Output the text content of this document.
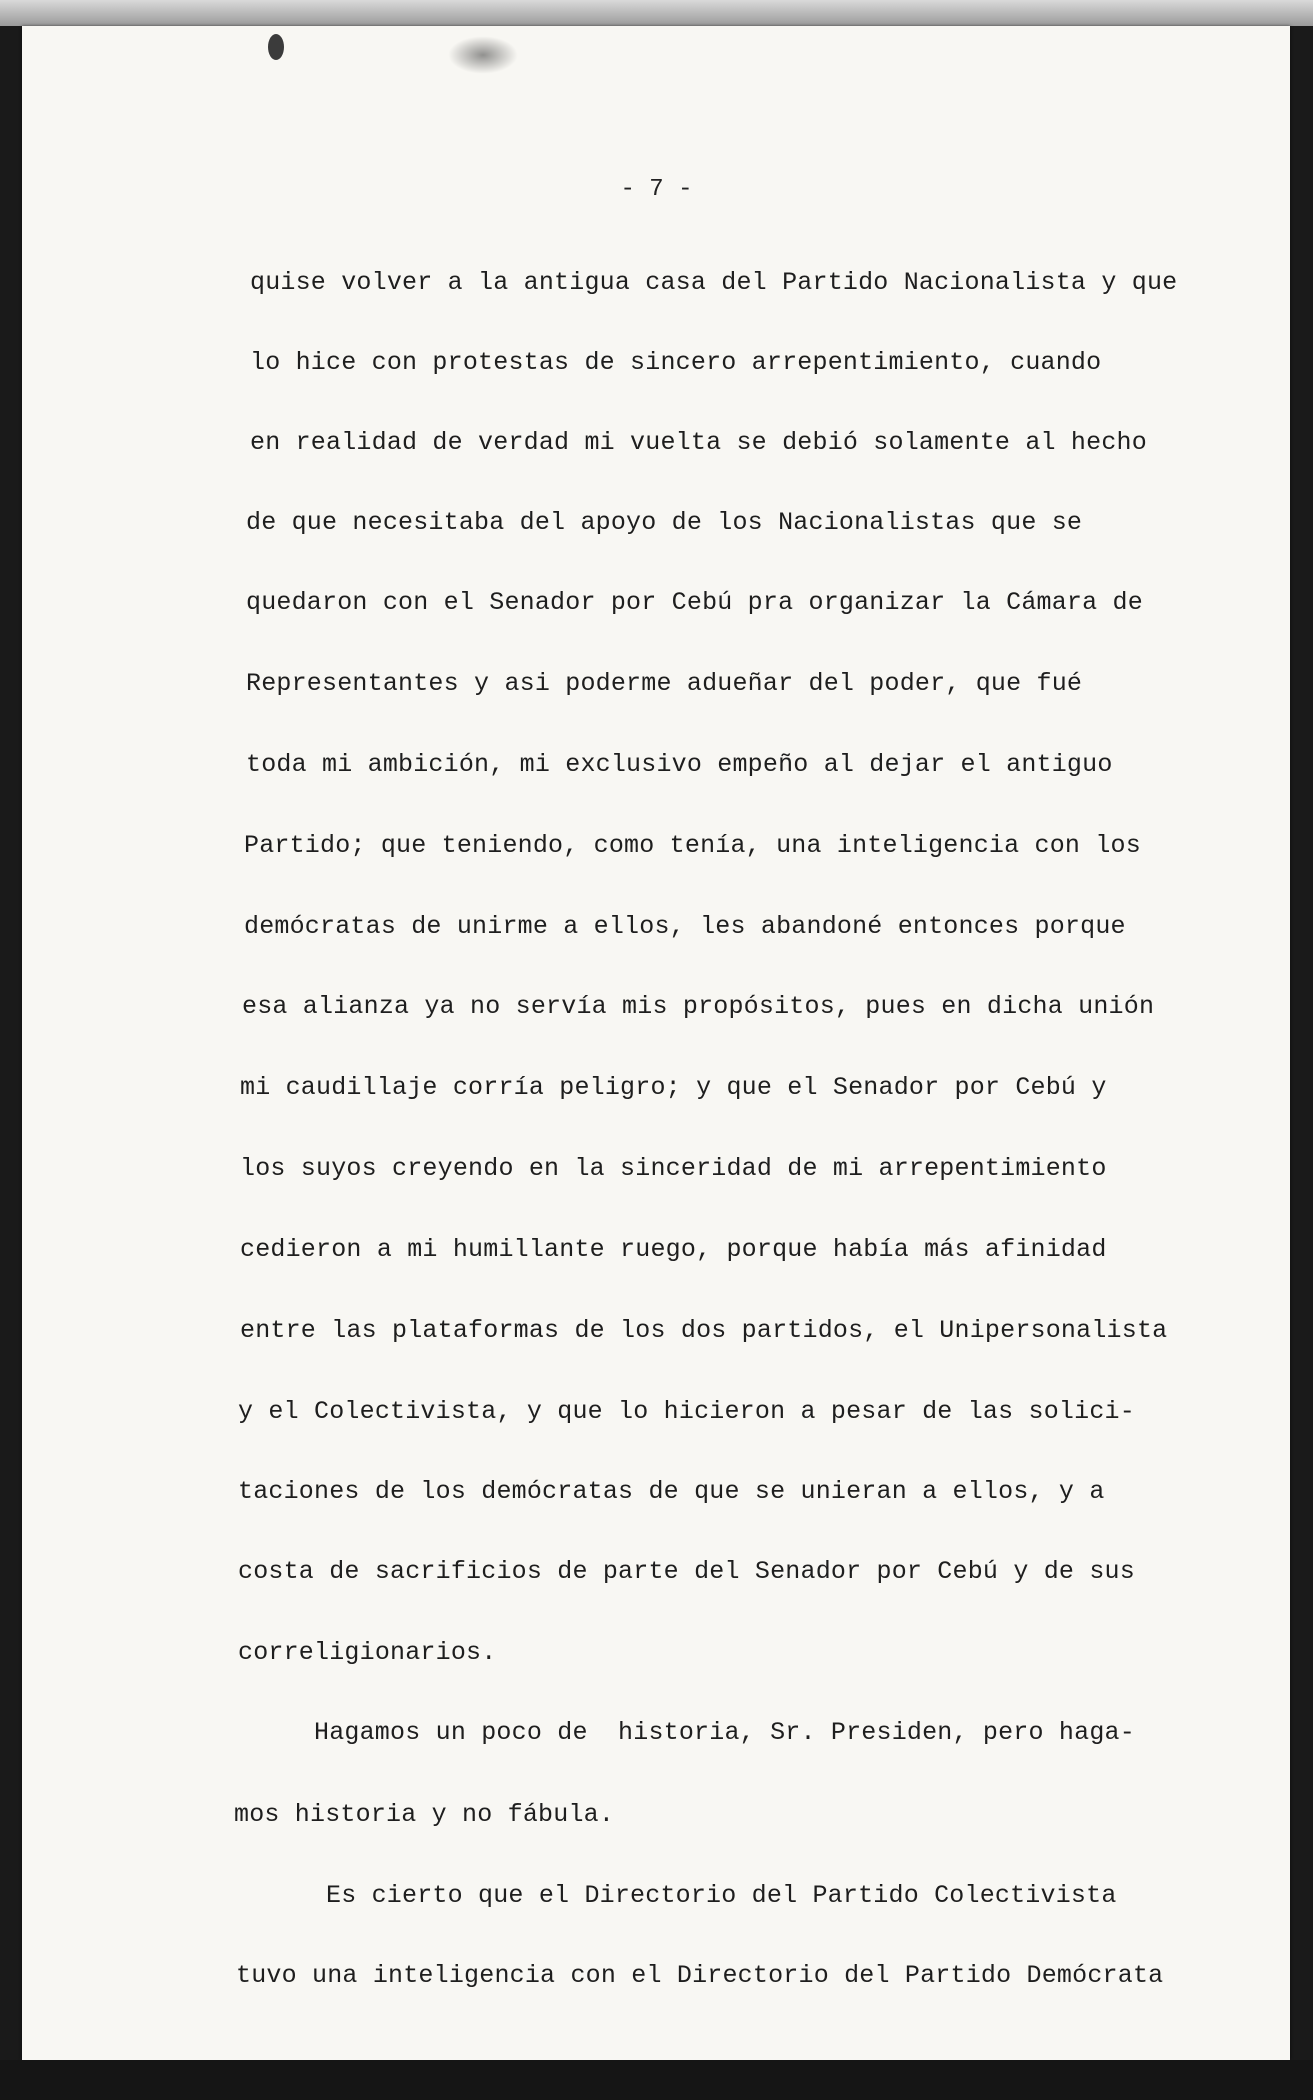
- 7 -
quise volver a la antigua casa del Partido Nacionalista y que
lo hice con protestas de sincero arrepentimiento, cuando
en realidad de verdad mi vuelta se debió solamente al hecho
de que necesitaba del apoyo de los Nacionalistas que se
quedaron con el Senador por Cebú pra organizar la Cámara de
Representantes y asi poderme adueñar del poder, que fué
toda mi ambición, mi exclusivo empeño al dejar el antiguo
Partido; que teniendo, como tenía, una inteligencia con los
demócratas de unirme a ellos, les abandoné entonces porque
esa alianza ya no servía mis propósitos, pues en dicha unión
mi caudillaje corría peligro; y que el Senador por Cebú y
los suyos creyendo en la sinceridad de mi arrepentimiento
cedieron a mi humillante ruego, porque había más afinidad
entre las plataformas de los dos partidos, el Unipersonalista
y el Colectivista, y que lo hicieron a pesar de las solici-
taciones de los demócratas de que se unieran a ellos, y a
costa de sacrificios de parte del Senador por Cebú y de sus
correligionarios.
Hagamos un poco de  historia, Sr. Presiden, pero haga-
mos historia y no fábula.
Es cierto que el Directorio del Partido Colectivista
tuvo una inteligencia con el Directorio del Partido Demócrata
